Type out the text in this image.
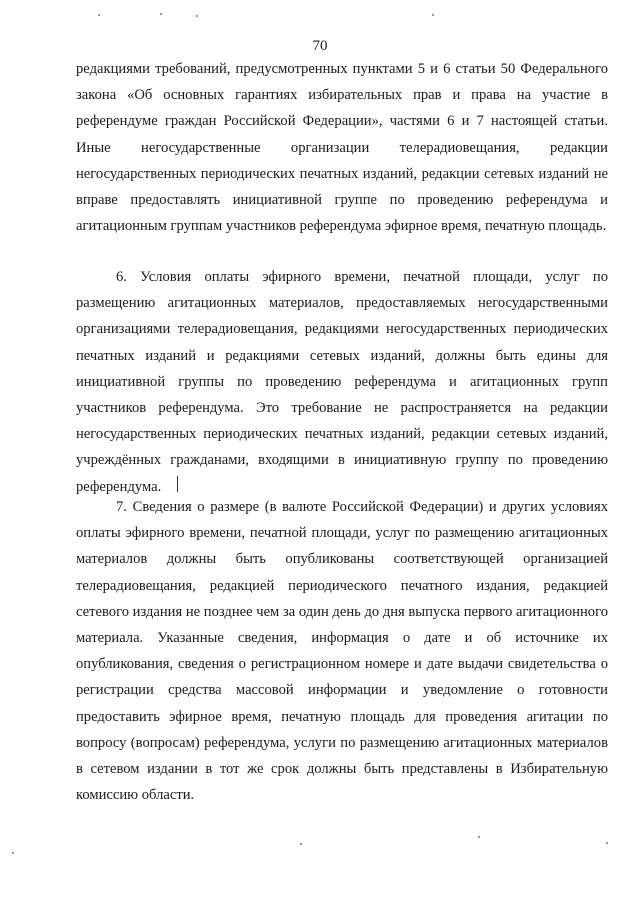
70

редакциями требований, предусмотренных пунктами 5 и 6 статьи 50 Федерального закона «Об основных гарантиях избирательных прав и права на участие в референдуме граждан Российской Федерации», частями 6 и 7 настоящей статьи. Иные негосударственные организации телерадиовещания, редакции негосударственных периодических печатных изданий, редакции сетевых изданий не вправе предоставлять инициативной группе по проведению референдума и агитационным группам участников референдума эфирное время, печатную площадь.

6. Условия оплаты эфирного времени, печатной площади, услуг по размещению агитационных материалов, предоставляемых негосударственными организациями телерадиовещания, редакциями негосударственных периодических печатных изданий и редакциями сетевых изданий, должны быть едины для инициативной группы по проведению референдума и агитационных групп участников референдума. Это требование не распространяется на редакции негосударственных периодических печатных изданий, редакции сетевых изданий, учреждённых гражданами, входящими в инициативную группу по проведению референдума.

7. Сведения о размере (в валюте Российской Федерации) и других условиях оплаты эфирного времени, печатной площади, услуг по размещению агитационных материалов должны быть опубликованы соответствующей организацией телерадиовещания, редакцией периодического печатного издания, редакцией сетевого издания не позднее чем за один день до дня выпуска первого агитационного материала. Указанные сведения, информация о дате и об источнике их опубликования, сведения о регистрационном номере и дате выдачи свидетельства о регистрации средства массовой информации и уведомление о готовности предоставить эфирное время, печатную площадь для проведения агитации по вопросу (вопросам) референдума, услуги по размещению агитационных материалов в сетевом издании в тот же срок должны быть представлены в Избирательную комиссию области.
